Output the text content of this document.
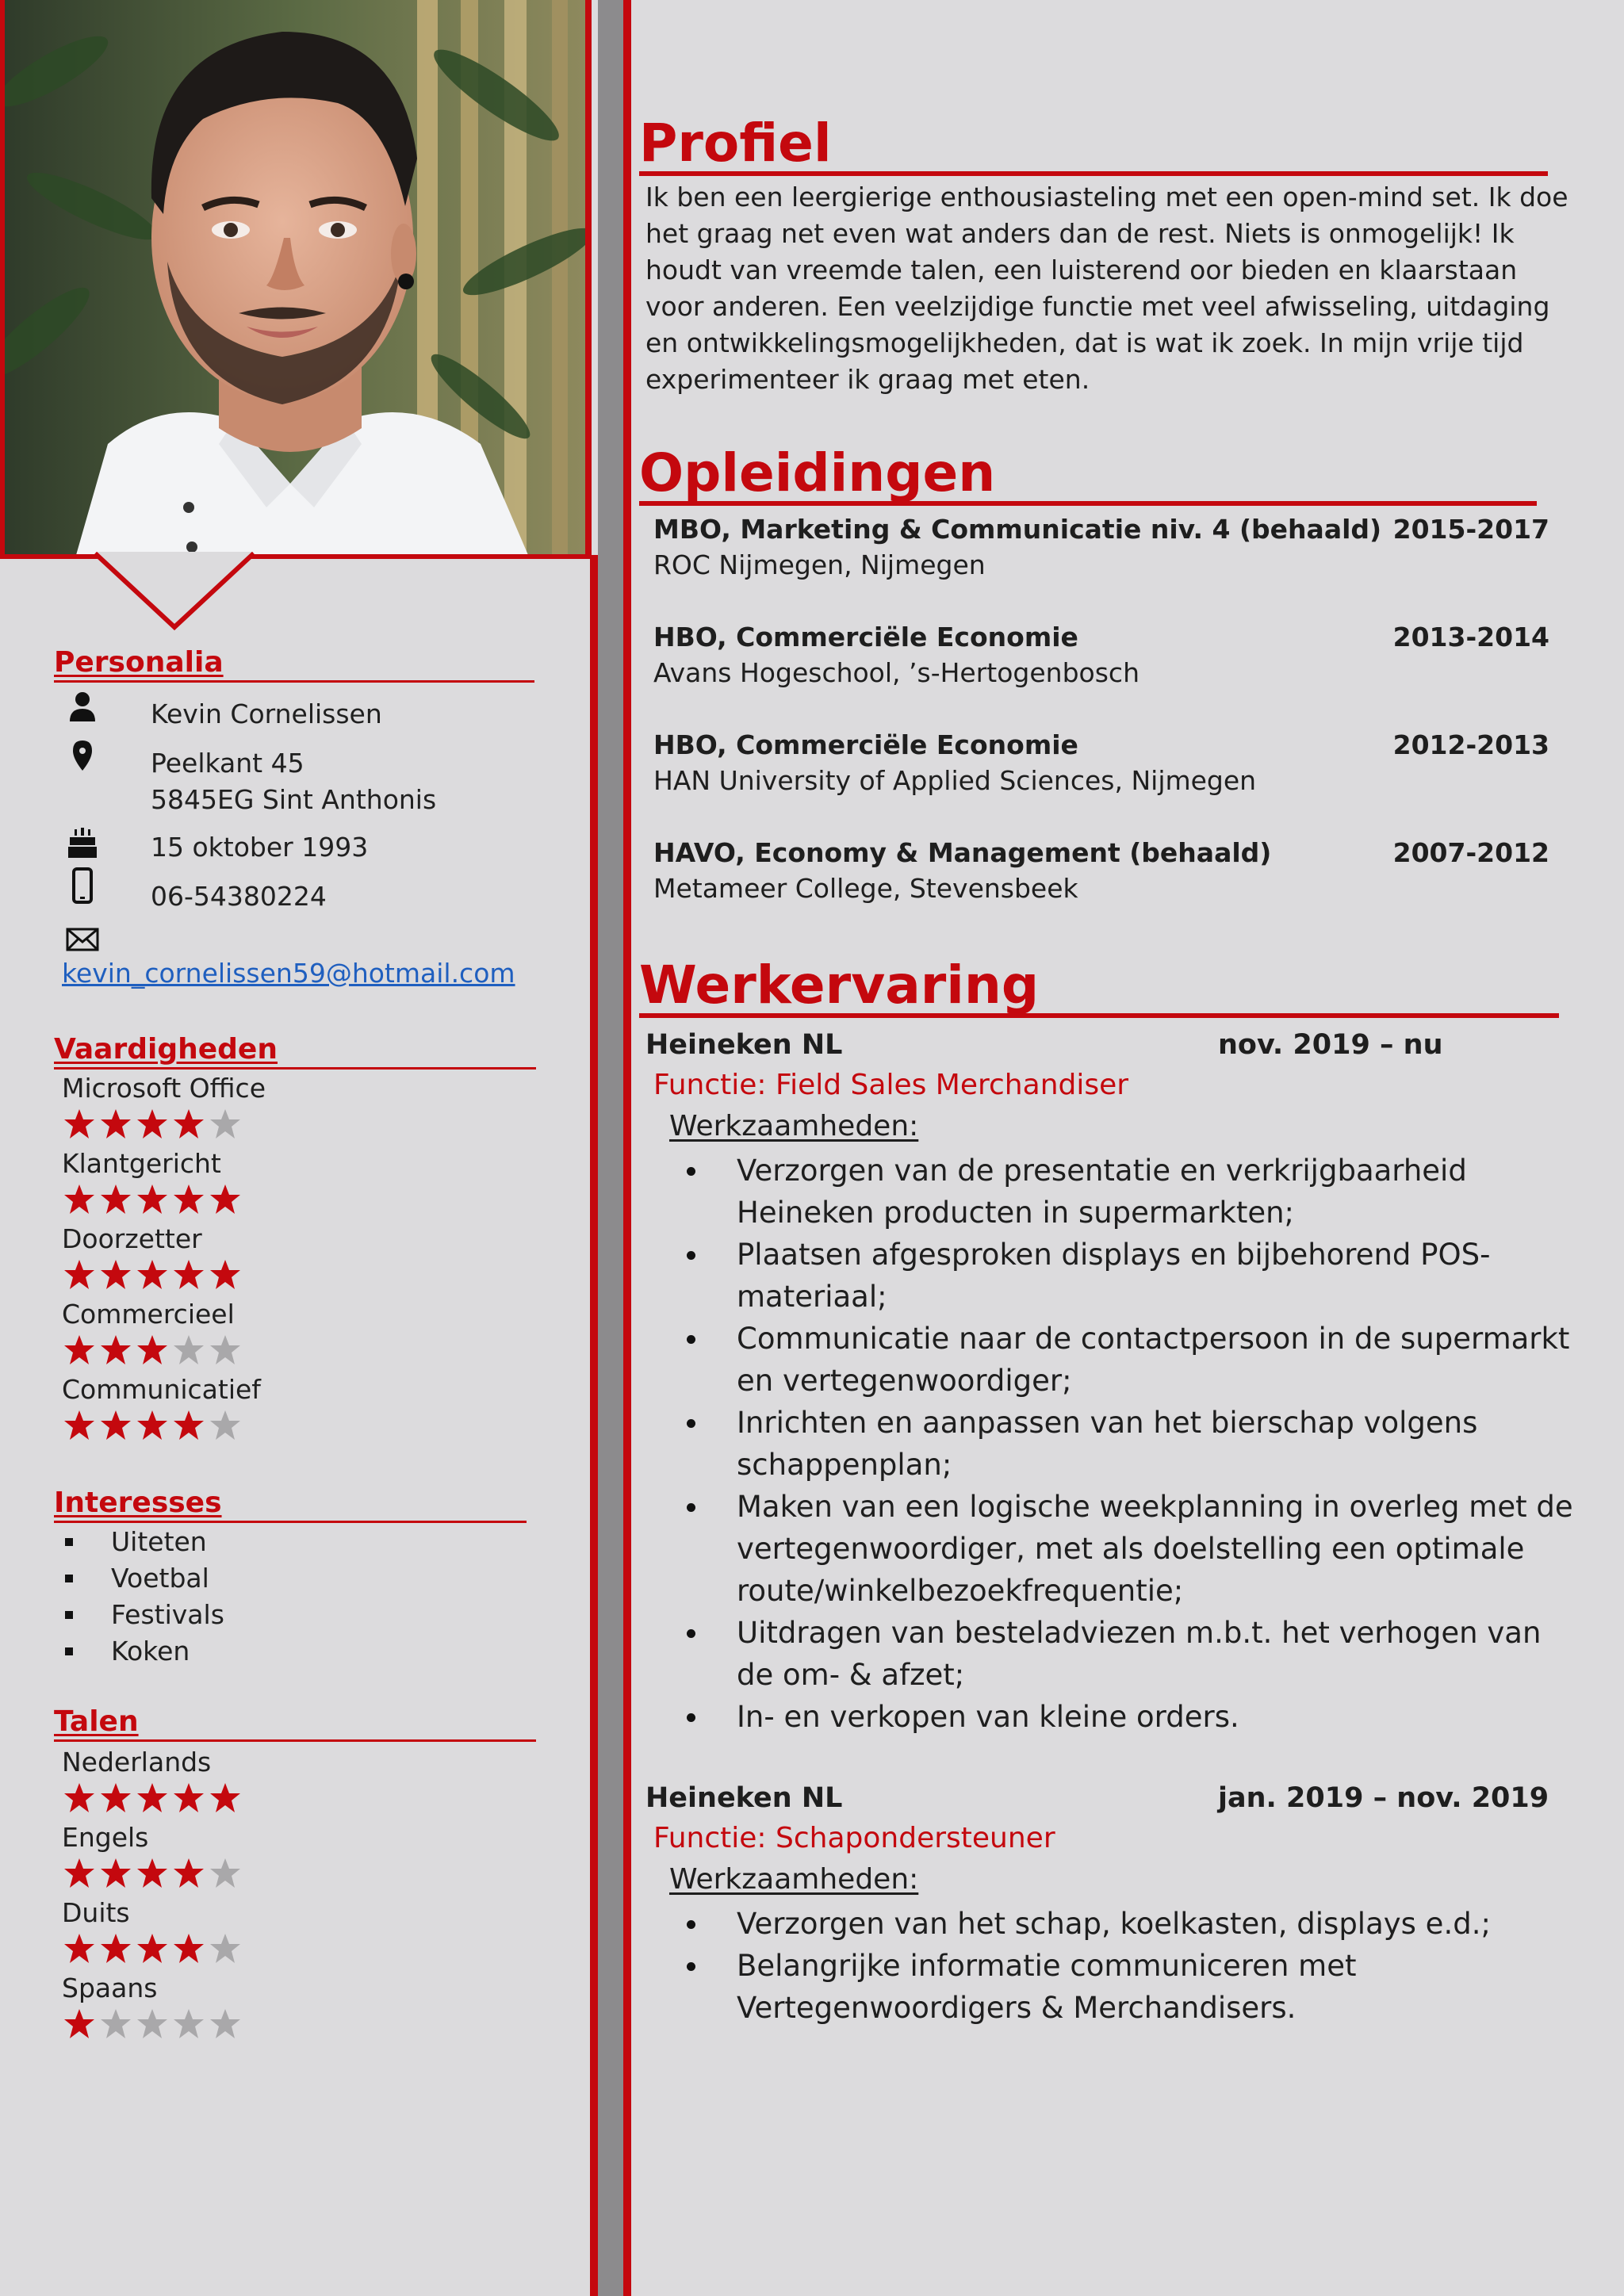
Personalia
Kevin Cornelissen
Peelkant 45
5845EG Sint Anthonis
15 oktober 1993
06-54380224
kevin_cornelissen59@hotmail.com
Vaardigheden
Microsoft Office
Klantgericht
Doorzetter
Commercieel
Communicatief
Interesses
Uiteten
Voetbal
Festivals
Koken
Talen
Nederlands
Engels
Duits
Spaans
Profiel

Ik ben een leergierige enthousiasteling met een open-mind set. Ik doe het graag net even wat anders dan de rest. Niets is onmogelijk! Ik houdt van vreemde talen, een luisterend oor bieden en klaarstaan voor anderen. Een veelzijdige functie met veel afwisseling, uitdaging en ontwikkelingsmogelijkheden, dat is wat ik zoek. In mijn vrije tijd experimenteer ik graag met eten.

Opleidingen
MBO, Marketing & Communicatie niv. 4 (behaald) 2015-2017
ROC Nijmegen, Nijmegen
HBO, Commerciële Economie	2013-2014
Avans Hogeschool, ’s-Hertogenbosch
HBO, Commerciële Economie	2012-2013
HAN University of Applied Sciences, Nijmegen
HAVO, Economy & Management (behaald)	2007-2012
Metameer College, Stevensbeek
Werkervaring
Heineken NL	nov. 2019 – nu
Functie: Field Sales Merchandiser
Werkzaamheden:
Verzorgen van de presentatie en verkrijgbaarheid Heineken producten in supermarkten;
Plaatsen afgesproken displays en bijbehorend POS-materiaal;
Communicatie naar de contactpersoon in de supermarkt en vertegenwoordiger;
Inrichten en aanpassen van het bierschap volgens schappenplan;
Maken van een logische weekplanning in overleg met de vertegenwoordiger, met als doelstelling een optimale route/winkelbezoekfrequentie;
Uitdragen van besteladviezen m.b.t. het verhogen van de om- & afzet;
In- en verkopen van kleine orders.
Heineken NL	jan. 2019 – nov. 2019
Functie: Schapondersteuner
Werkzaamheden:
Verzorgen van het schap, koelkasten, displays e.d.;
Belangrijke informatie communiceren met Vertegenwoordigers & Merchandisers.
